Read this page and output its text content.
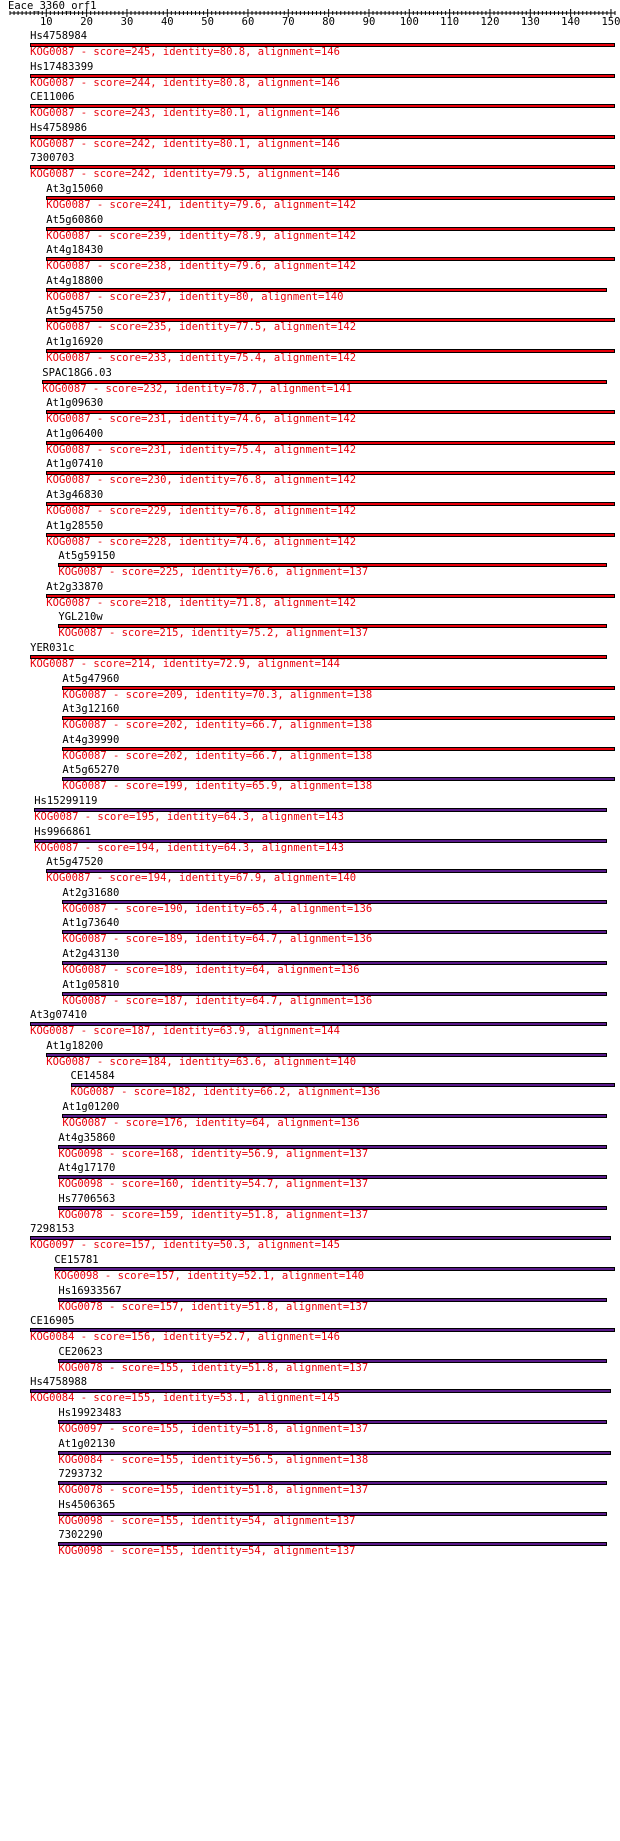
Eace_3360_orf1
10	20	30	40	50	60	70	80	90 100 110 120 130 140 150
Hs4758984
KOG0087 - score=245, identity=80.8, alignment=146
Hs17483399
KOG0087 - score=244, identity=80.8, alignment=146
CE11006
KOG0087 - score=243, identity=80.1, alignment=146
Hs4758986
KOG0087 - score=242, identity=80.1, alignment=146
7300703
KOG0087 - score=242, identity=79.5, alignment=146
At3g15060
KOG0087 - score=241, identity=79.6, alignment=142
At5g60860
KOG0087 - score=239, identity=78.9, alignment=142
At4g18430
KOG0087 - score=238, identity=79.6, alignment=142
At4g18800
KOG0087 - score=237, identity=80, alignment=140
At5g45750
KOG0087 - score=235, identity=77.5, alignment=142
At1g16920
KOG0087 - score=233, identity=75.4, alignment=142
SPAC18G6.03
KOG0087 - score=232, identity=78.7, alignment=141
At1g09630
KOG0087 - score=231, identity=74.6, alignment=142
At1g06400
KOG0087 - score=231, identity=75.4, alignment=142
At1g07410
KOG0087 - score=230, identity=76.8, alignment=142
At3g46830
KOG0087 - score=229, identity=76.8, alignment=142
At1g28550
KOG0087 - score=228, identity=74.6, alignment=142
At5g59150
KOG0087 - score=225, identity=76.6, alignment=137
At2g33870
KOG0087 - score=218, identity=71.8, alignment=142
YGL210w
KOG0087 - score=215, identity=75.2, alignment=137
YER031c
KOG0087 - score=214, identity=72.9, alignment=144
At5g47960
KOG0087 - score=209, identity=70.3, alignment=138
At3g12160
KOG0087 - score=202, identity=66.7, alignment=138
At4g39990
KOG0087 - score=202, identity=66.7, alignment=138
At5g65270
KOG0087 - score=199, identity=65.9, alignment=138
Hs15299119
KOG0087 - score=195, identity=64.3, alignment=143
Hs9966861
KOG0087 - score=194, identity=64.3, alignment=143
At5g47520
KOG0087 - score=194, identity=67.9, alignment=140
At2g31680
KOG0087 - score=190, identity=65.4, alignment=136
At1g73640
KOG0087 - score=189, identity=64.7, alignment=136
At2g43130
KOG0087 - score=189, identity=64, alignment=136
At1g05810
KOG0087 - score=187, identity=64.7, alignment=136
At3g07410
KOG0087 - score=187, identity=63.9, alignment=144
At1g18200
KOG0087 - score=184, identity=63.6, alignment=140
CE14584
KOG0087 - score=182, identity=66.2, alignment=136
At1g01200
KOG0087 - score=176, identity=64, alignment=136
At4g35860
KOG0098 - score=168, identity=56.9, alignment=137
At4g17170
KOG0098 - score=160, identity=54.7, alignment=137
Hs7706563
KOG0078 - score=159, identity=51.8, alignment=137
7298153
KOG0097 - score=157, identity=50.3, alignment=145
CE15781
KOG0098 - score=157, identity=52.1, alignment=140
Hs16933567
KOG0078 - score=157, identity=51.8, alignment=137
CE16905
KOG0084 - score=156, identity=52.7, alignment=146
CE20623
KOG0078 - score=155, identity=51.8, alignment=137
Hs4758988
KOG0084 - score=155, identity=53.1, alignment=145
Hs19923483
KOG0097 - score=155, identity=51.8, alignment=137
At1g02130
KOG0084 - score=155, identity=56.5, alignment=138
7293732
KOG0078 - score=155, identity=51.8, alignment=137
Hs4506365
KOG0098 - score=155, identity=54, alignment=137
7302290
KOG0098 - score=155, identity=54, alignment=137
